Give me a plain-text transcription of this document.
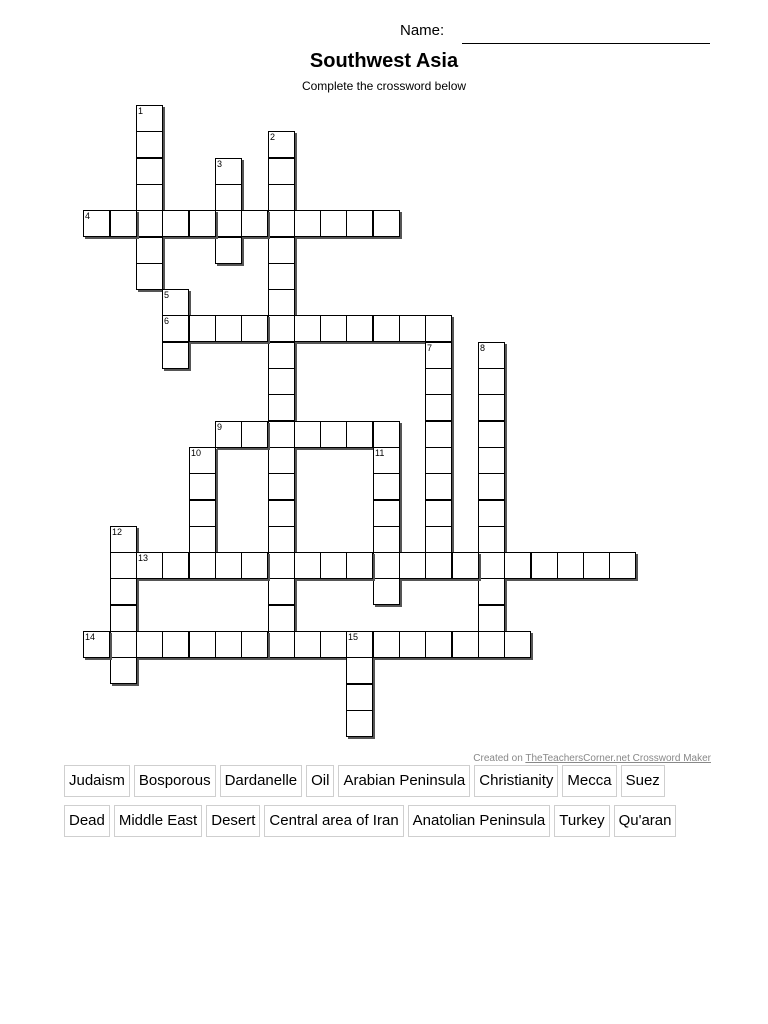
Name:
Southwest Asia
Complete the crossword below
1
2
3
4
5
6
7	8
9
10	11
12
13
14	15
Created on TheTeachersCorner.net Crossword Maker
Judaism Bosporous Dardanelle Oil Arabian Peninsula Christianity Mecca Suez
Dead Middle East Desert Central area of Iran Anatolian Peninsula Turkey Qu'aran
